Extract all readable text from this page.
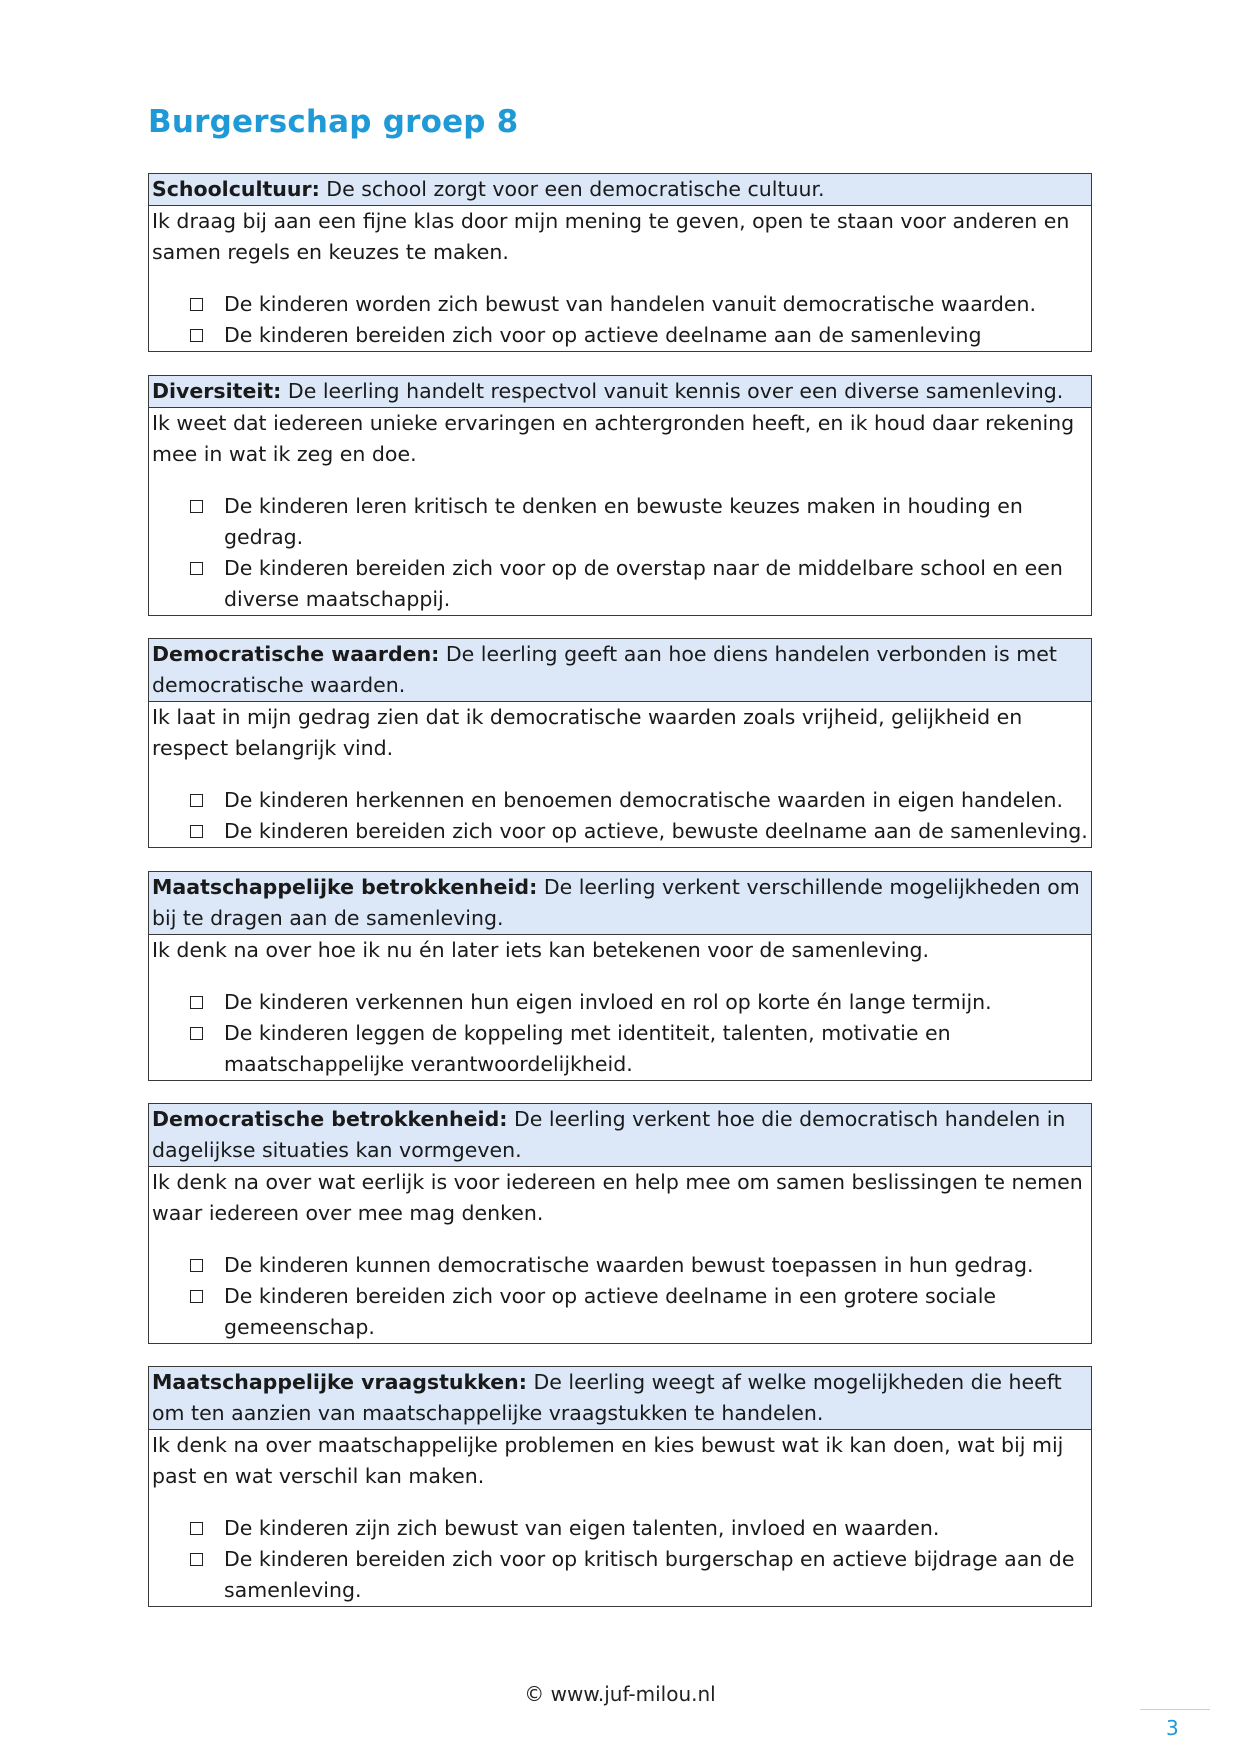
Burgerschap groep 8
Schoolcultuur: De school zorgt voor een democratische cultuur.

Ik draag bij aan een fijne klas door mijn mening te geven, open te staan voor anderen en samen regels en keuzes te maken.

De kinderen worden zich bewust van handelen vanuit democratische waarden.
De kinderen bereiden zich voor op actieve deelname aan de samenleving
Diversiteit: De leerling handelt respectvol vanuit kennis over een diverse samenleving.

Ik weet dat iedereen unieke ervaringen en achtergronden heeft, en ik houd daar rekening mee in wat ik zeg en doe.

De kinderen leren kritisch te denken en bewuste keuzes maken in houding en gedrag.
De kinderen bereiden zich voor op de overstap naar de middelbare school en een diverse maatschappij.
Democratische waarden: De leerling geeft aan hoe diens handelen verbonden is met democratische waarden.

Ik laat in mijn gedrag zien dat ik democratische waarden zoals vrijheid, gelijkheid en respect belangrijk vind.

De kinderen herkennen en benoemen democratische waarden in eigen handelen.
De kinderen bereiden zich voor op actieve, bewuste deelname aan de samenleving.
Maatschappelijke betrokkenheid: De leerling verkent verschillende mogelijkheden om bij te dragen aan de samenleving.

Ik denk na over hoe ik nu én later iets kan betekenen voor de samenleving.

De kinderen verkennen hun eigen invloed en rol op korte én lange termijn.
De kinderen leggen de koppeling met identiteit, talenten, motivatie en maatschappelijke verantwoordelijkheid.
Democratische betrokkenheid: De leerling verkent hoe die democratisch handelen in dagelijkse situaties kan vormgeven.

Ik denk na over wat eerlijk is voor iedereen en help mee om samen beslissingen te nemen waar iedereen over mee mag denken.

De kinderen kunnen democratische waarden bewust toepassen in hun gedrag.
De kinderen bereiden zich voor op actieve deelname in een grotere sociale gemeenschap.
Maatschappelijke vraagstukken: De leerling weegt af welke mogelijkheden die heeft om ten aanzien van maatschappelijke vraagstukken te handelen.

Ik denk na over maatschappelijke problemen en kies bewust wat ik kan doen, wat bij mij past en wat verschil kan maken.

De kinderen zijn zich bewust van eigen talenten, invloed en waarden.
De kinderen bereiden zich voor op kritisch burgerschap en actieve bijdrage aan de samenleving.
© www.juf-milou.nl
3
